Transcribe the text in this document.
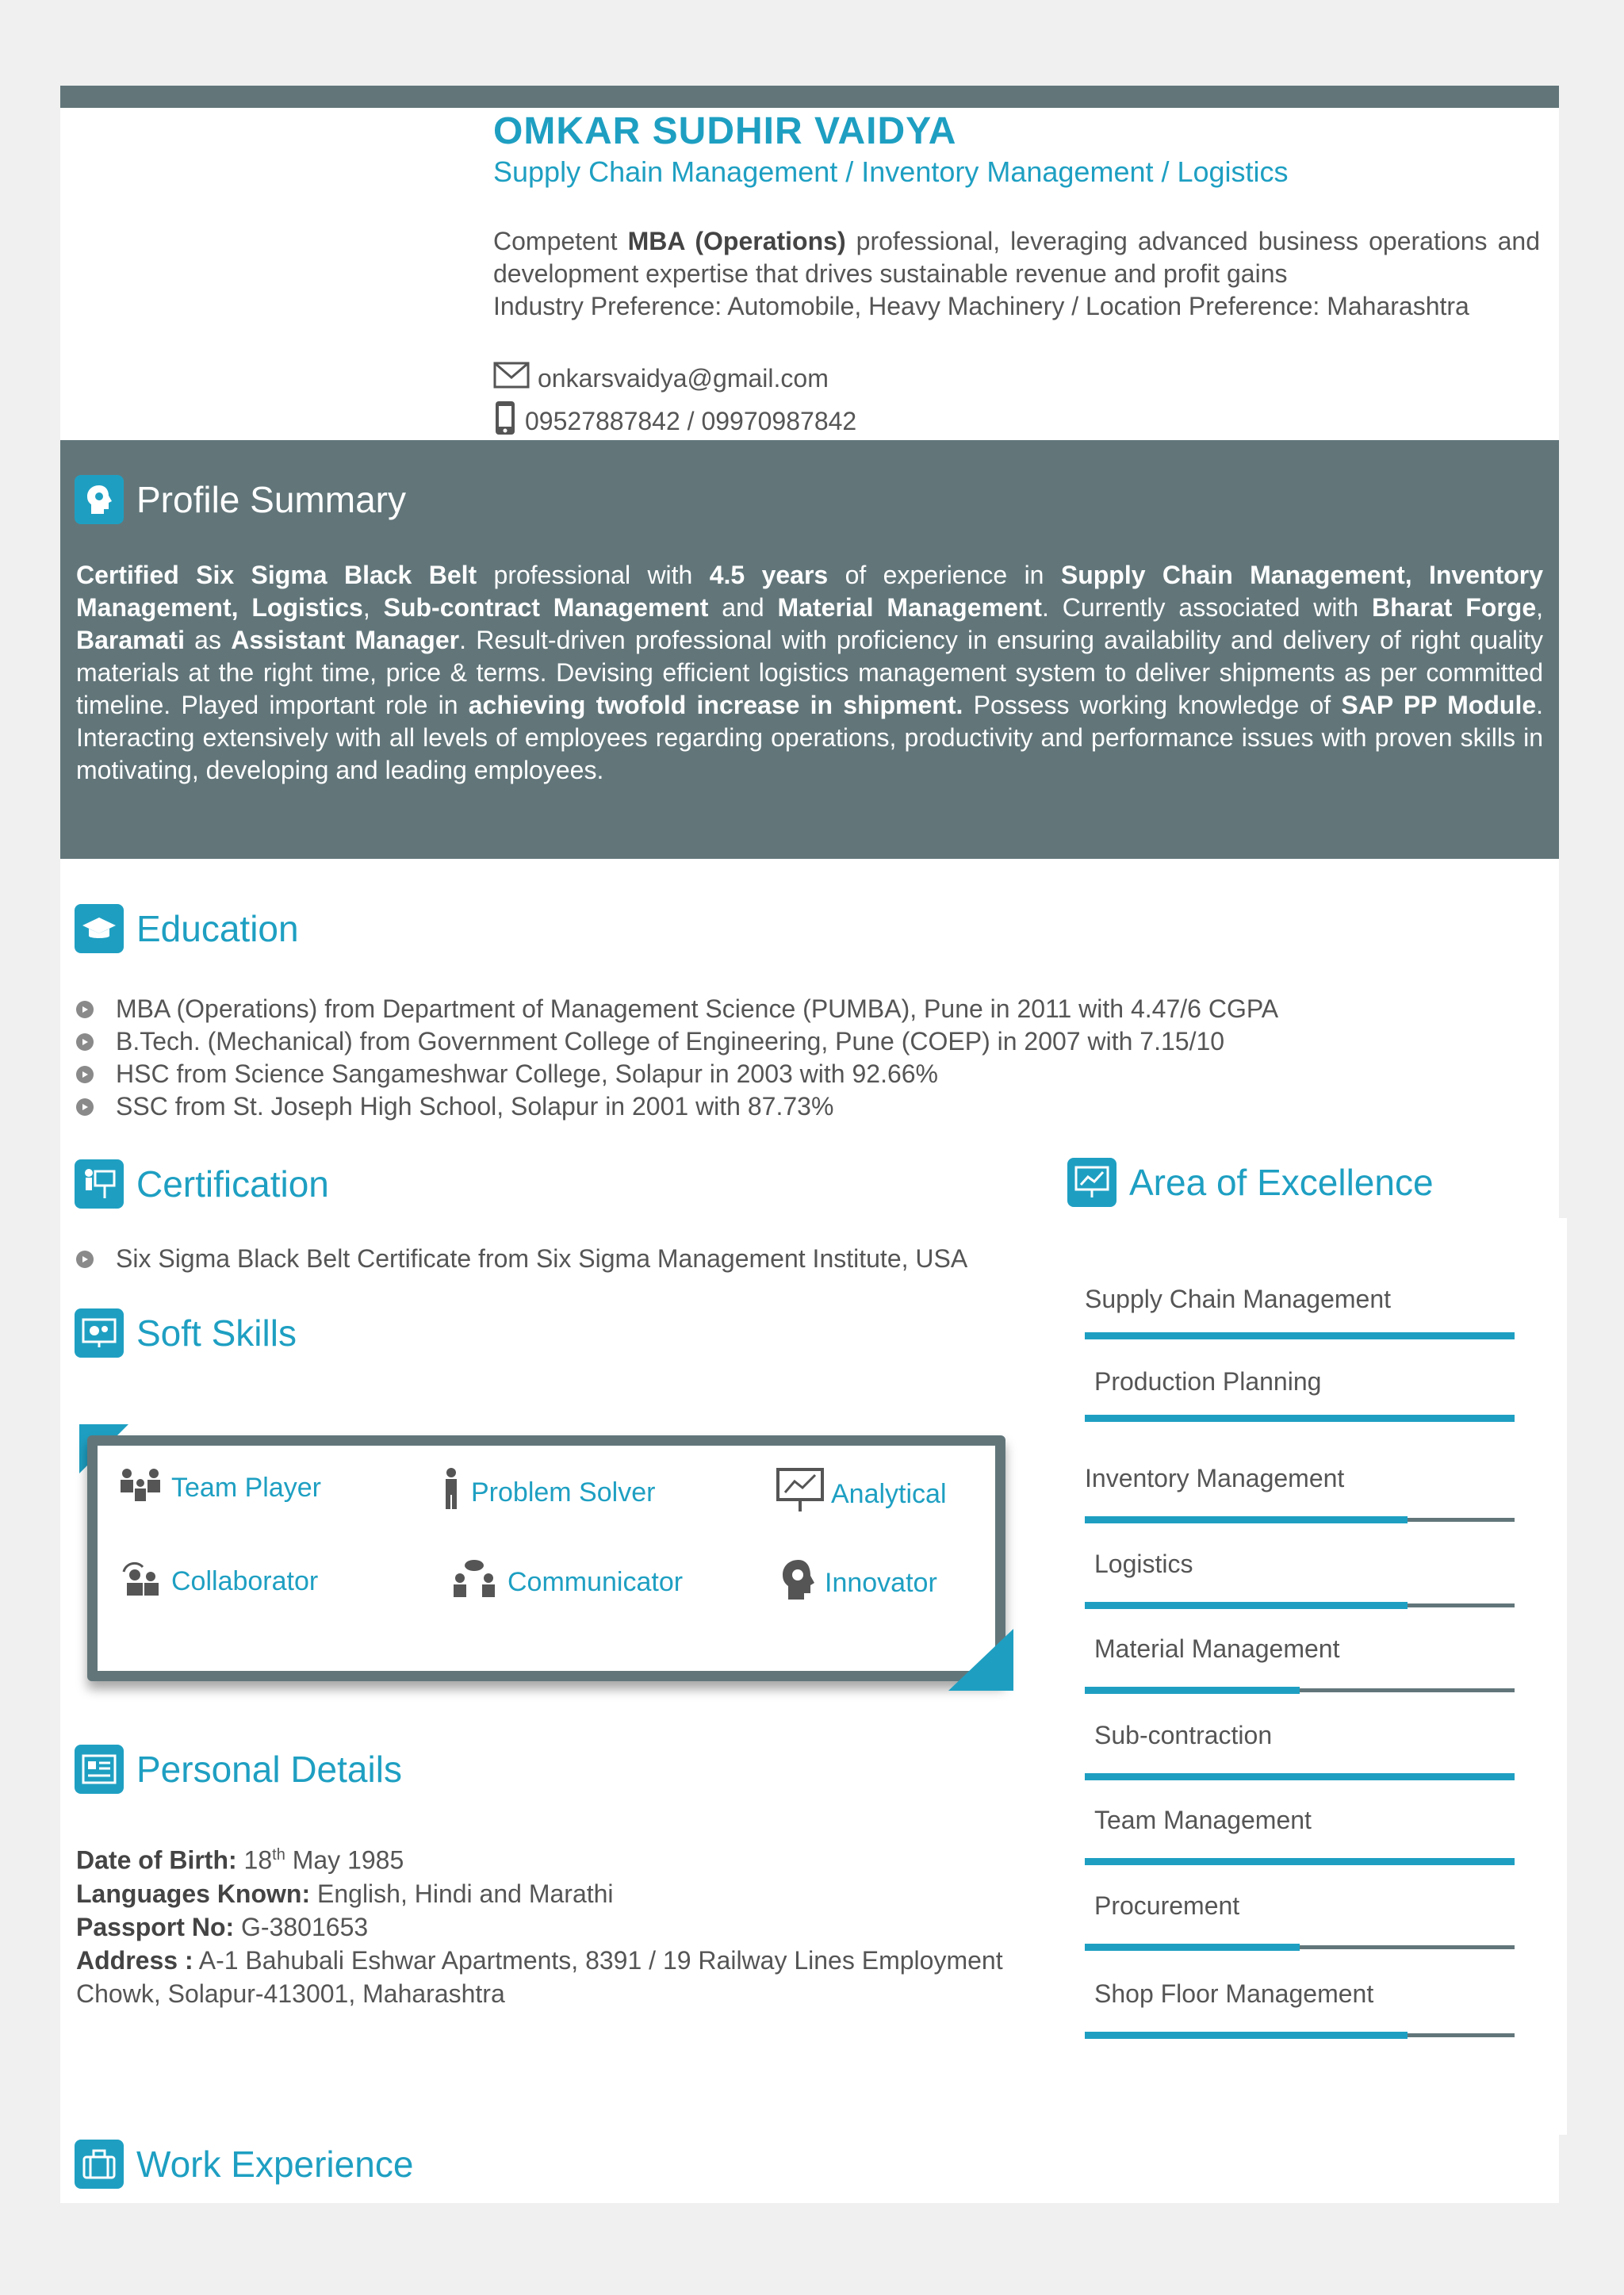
OMKAR SUDHIR VAIDYA
Supply Chain Management / Inventory Management / Logistics
Competent MBA (Operations) professional, leveraging advanced business operations and development expertise that drives sustainable revenue and profit gains
Industry Preference: Automobile, Heavy Machinery / Location Preference: Maharashtra
onkarsvaidya@gmail.com
09527887842 / 09970987842
Profile Summary
Certified Six Sigma Black Belt professional with 4.5 years of experience in Supply Chain Management, Inventory Management, Logistics, Sub-contract Management and Material Management. Currently associated with Bharat Forge, Baramati as Assistant Manager. Result-driven professional with proficiency in ensuring availability and delivery of right quality materials at the right time, price & terms. Devising efficient logistics management system to deliver shipments as per committed timeline. Played important role in achieving twofold increase in shipment. Possess working knowledge of SAP PP Module. Interacting extensively with all levels of employees regarding operations, productivity and performance issues with proven skills in motivating, developing and leading employees.
Education
MBA (Operations) from Department of Management Science (PUMBA), Pune in 2011 with 4.47/6 CGPA
B.Tech. (Mechanical) from Government College of Engineering, Pune (COEP) in 2007 with 7.15/10
HSC from Science Sangameshwar College, Solapur in 2003 with 92.66%
SSC from St. Joseph High School, Solapur in 2001 with 87.73%
Certification
Six Sigma Black Belt Certificate from Six Sigma Management Institute, USA
Soft Skills
Team Player	Problem Solver	Analytical
Collaborator	Communicator	Innovator
Personal Details
Date of Birth: 18th May 1985
Languages Known: English, Hindi and Marathi
Passport No: G-3801653
Address : A-1 Bahubali Eshwar Apartments, 8391 / 19 Railway Lines Employment Chowk, Solapur-413001, Maharashtra
Area of Excellence
Supply Chain Management
Production Planning
Inventory Management
Logistics
Material Management
Sub-contraction
Team Management
Procurement
Shop Floor Management
Work Experience
